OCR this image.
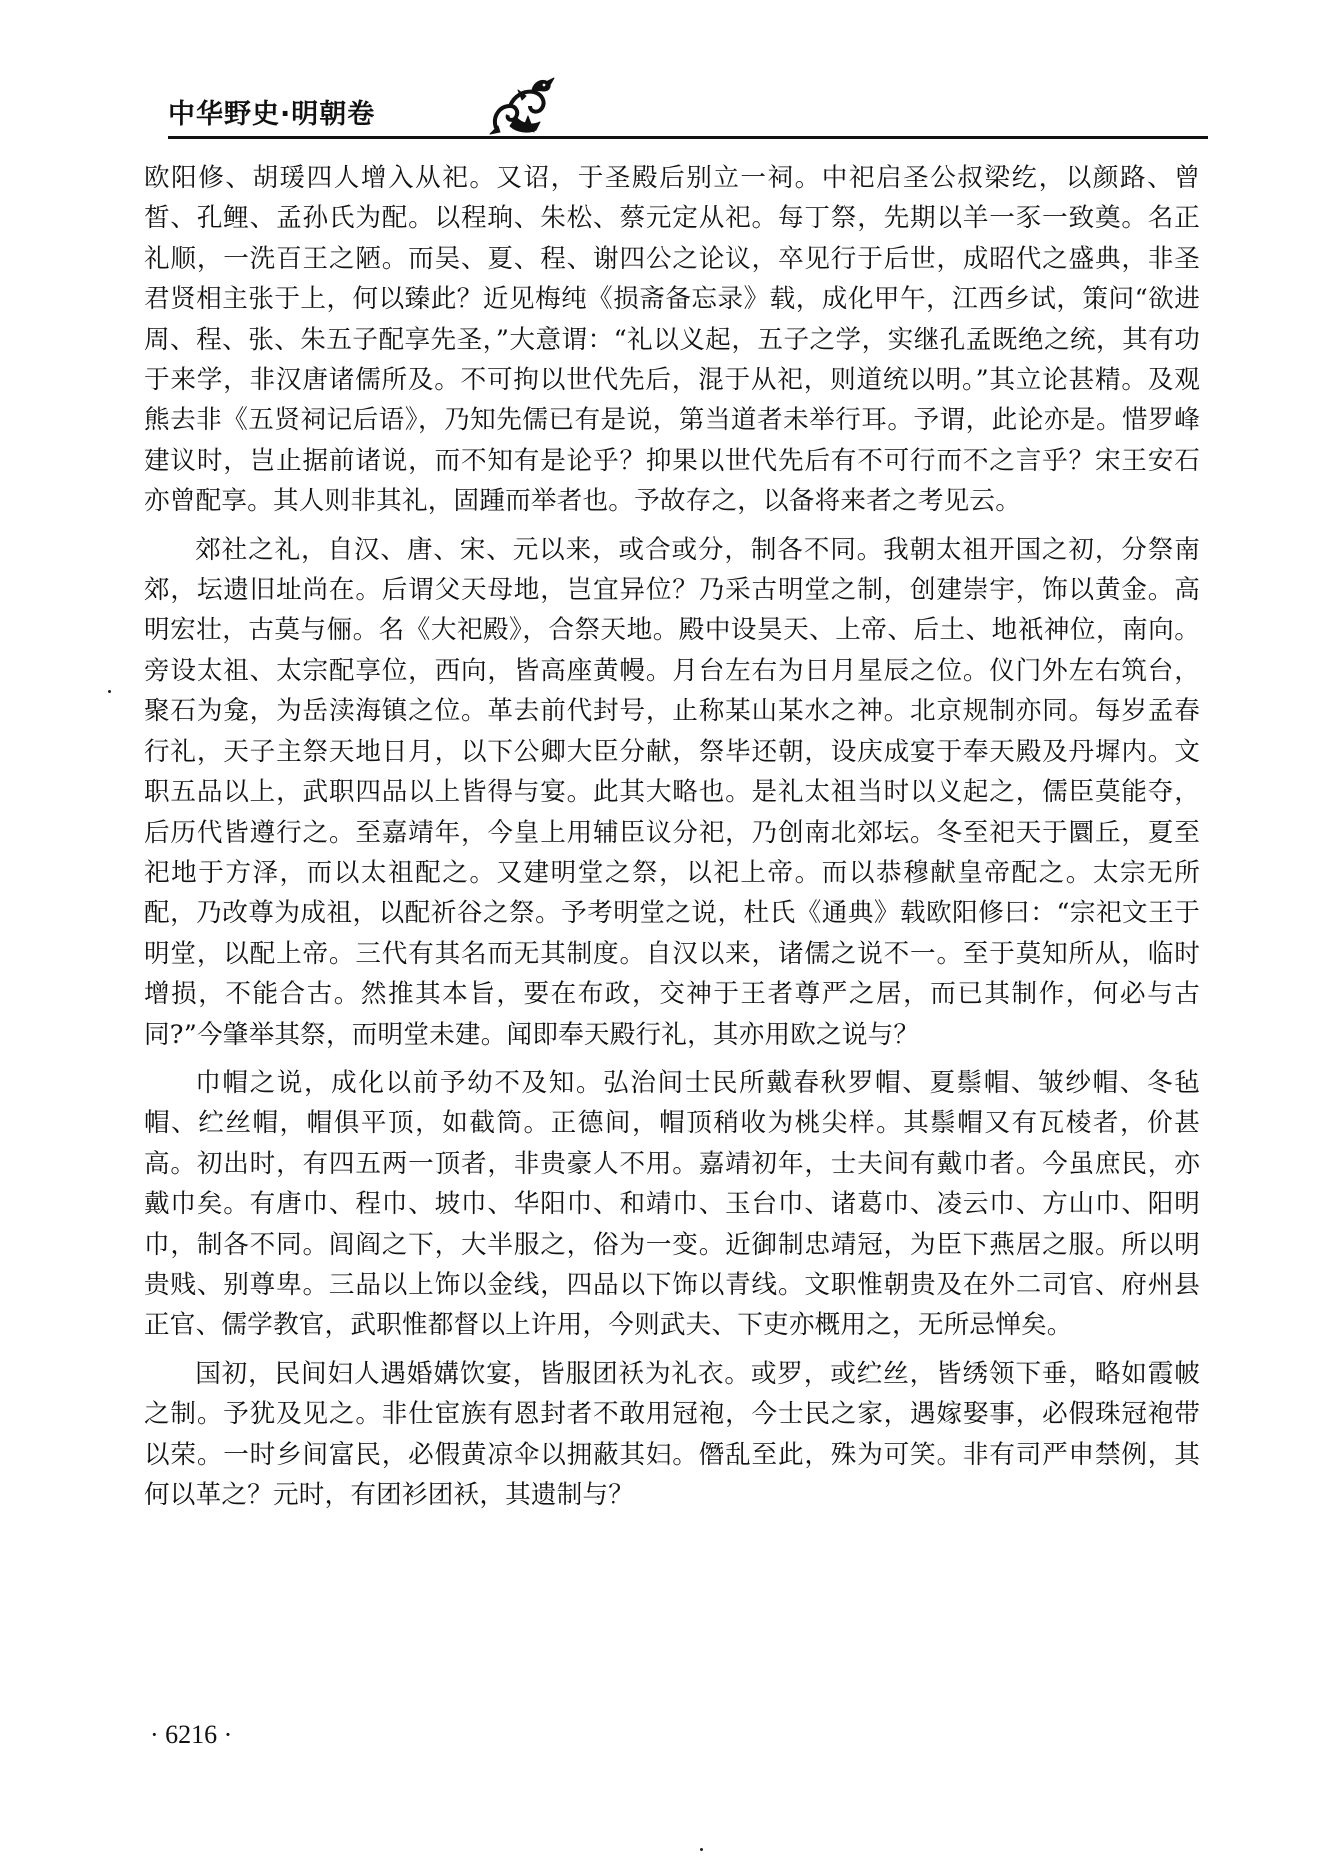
中华野史·明朝卷

欧阳修、胡瑗四人增入从祀。又诏，于圣殿后别立一祠。中祀启圣公叔梁纥，以颜路、曾皙、孔鲤、孟孙氏为配。以程珦、朱松、蔡元定从祀。每丁祭，先期以羊一豕一致奠。名正礼顺，一洗百王之陋。而吴、夏、程、谢四公之论议，卒见行于后世，成昭代之盛典，非圣君贤相主张于上，何以臻此？近见梅纯《损斋备忘录》载，成化甲午，江西乡试，策问“欲进周、程、张、朱五子配享先圣，”大意谓：“礼以义起，五子之学，实继孔孟既绝之统，其有功于来学，非汉唐诸儒所及。不可拘以世代先后，混于从祀，则道统以明。”其立论甚精。及观熊去非《五贤祠记后语》，乃知先儒已有是说，第当道者未举行耳。予谓，此论亦是。惜罗峰建议时，岂止据前诸说，而不知有是论乎？抑果以世代先后有不可行而不之言乎？宋王安石亦曾配享。其人则非其礼，固踵而举者也。予故存之，以备将来者之考见云。

郊社之礼，自汉、唐、宋、元以来，或合或分，制各不同。我朝太祖开国之初，分祭南郊，坛遗旧址尚在。后谓父天母地，岂宜异位？乃采古明堂之制，创建崇宇，饰以黄金。高明宏壮，古莫与俪。名《大祀殿》，合祭天地。殿中设昊天、上帝、后土、地祇神位，南向。旁设太祖、太宗配享位，西向，皆高座黄幔。月台左右为日月星辰之位。仪门外左右筑台，聚石为龛，为岳渎海镇之位。革去前代封号，止称某山某水之神。北京规制亦同。每岁孟春行礼，天子主祭天地日月，以下公卿大臣分献，祭毕还朝，设庆成宴于奉天殿及丹墀内。文职五品以上，武职四品以上皆得与宴。此其大略也。是礼太祖当时以义起之，儒臣莫能夺，后历代皆遵行之。至嘉靖年，今皇上用辅臣议分祀，乃创南北郊坛。冬至祀天于圜丘，夏至祀地于方泽，而以太祖配之。又建明堂之祭，以祀上帝。而以恭穆献皇帝配之。太宗无所配，乃改尊为成祖，以配祈谷之祭。予考明堂之说，杜氏《通典》载欧阳修曰：“宗祀文王于明堂，以配上帝。三代有其名而无其制度。自汉以来，诸儒之说不一。至于莫知所从，临时增损，不能合古。然推其本旨，要在布政，交神于王者尊严之居，而已其制作，何必与古同?”今肇举其祭，而明堂未建。闻即奉天殿行礼，其亦用欧之说与？

巾帽之说，成化以前予幼不及知。弘治间士民所戴春秋罗帽、夏鬃帽、皱纱帽、冬毡帽、纻丝帽，帽俱平顶，如截筒。正德间，帽顶稍收为桃尖样。其鬃帽又有瓦棱者，价甚高。初出时，有四五两一顶者，非贵豪人不用。嘉靖初年，士夫间有戴巾者。今虽庶民，亦戴巾矣。有唐巾、程巾、坡巾、华阳巾、和靖巾、玉台巾、诸葛巾、凌云巾、方山巾、阳明巾，制各不同。闾阎之下，大半服之，俗为一变。近御制忠靖冠，为臣下燕居之服。所以明贵贱、别尊卑。三品以上饰以金线，四品以下饰以青线。文职惟朝贵及在外二司官、府州县正官、儒学教官，武职惟都督以上许用，今则武夫、下吏亦概用之，无所忌惮矣。

国初，民间妇人遇婚媾饮宴，皆服团袄为礼衣。或罗，或纻丝，皆绣领下垂，略如霞帔之制。予犹及见之。非仕宦族有恩封者不敢用冠袍，今士民之家，遇嫁娶事，必假珠冠袍带以荣。一时乡间富民，必假黄凉伞以拥蔽其妇。僭乱至此，殊为可笑。非有司严申禁例，其何以革之？元时，有团衫团袄，其遗制与？

· 6216 ·
